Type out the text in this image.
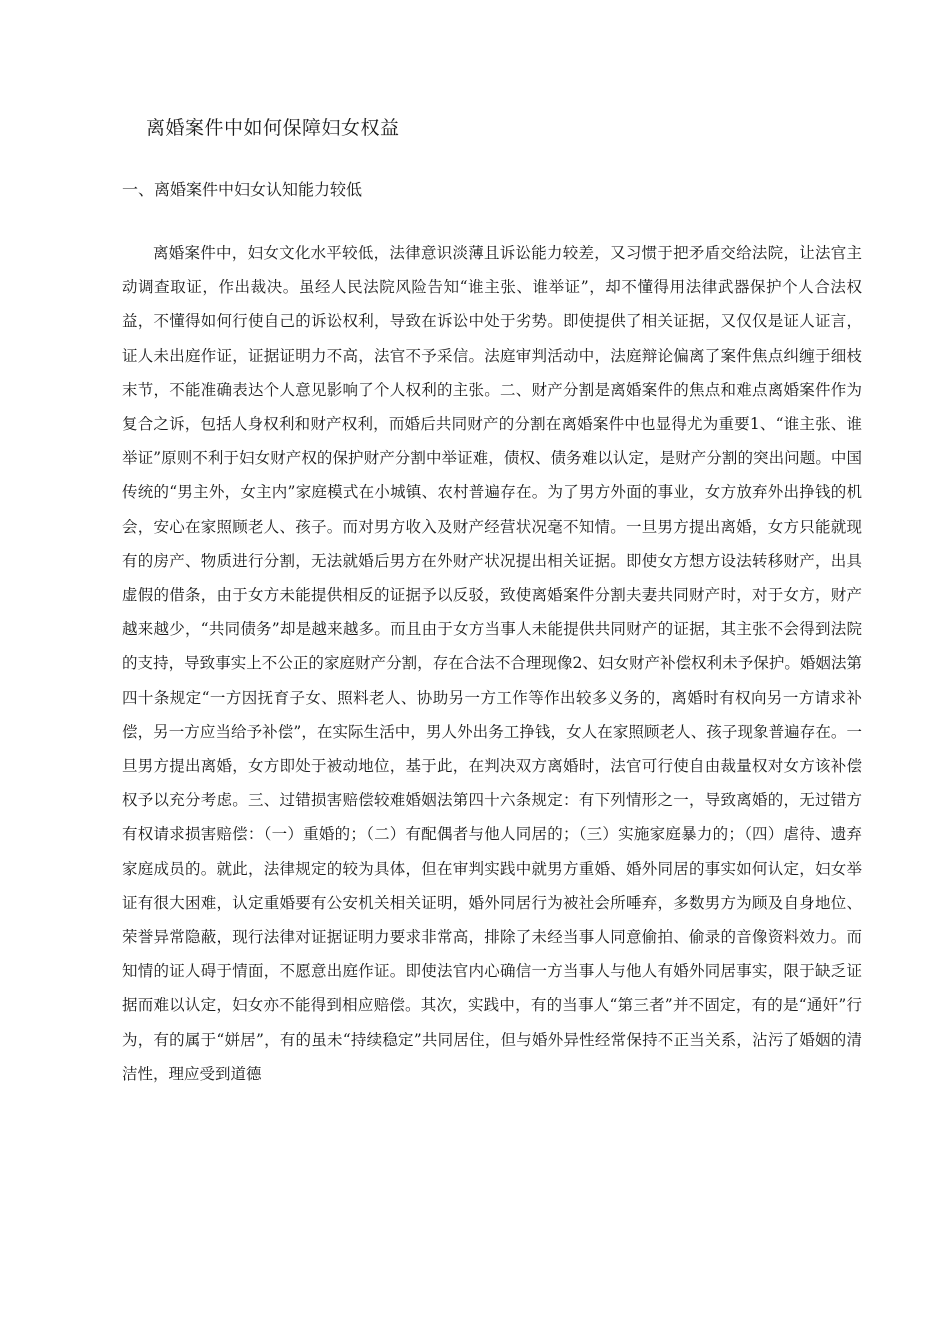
离婚案件中如何保障妇女权益
一、离婚案件中妇女认知能力较低

离婚案件中，妇女文化水平较低，法律意识淡薄且诉讼能力较差，又习惯于把矛盾交给法院，让法官主动调查取证，作出裁决。虽经人民法院风险告知“谁主张、谁举证”，却不懂得用法律武器保护个人合法权益，不懂得如何行使自己的诉讼权利，导致在诉讼中处于劣势。即使提供了相关证据，又仅仅是证人证言，证人未出庭作证，证据证明力不高，法官不予采信。法庭审判活动中，法庭辩论偏离了案件焦点纠缠于细枝末节，不能准确表达个人意见影响了个人权利的主张。二、财产分割是离婚案件的焦点和难点离婚案件作为复合之诉，包括人身权利和财产权利，而婚后共同财产的分割在离婚案件中也显得尤为重要1、“谁主张、谁举证”原则不利于妇女财产权的保护财产分割中举证难，债权、债务难以认定，是财产分割的突出问题。中国传统的“男主外，女主内”家庭模式在小城镇、农村普遍存在。为了男方外面的事业，女方放弃外出挣钱的机会，安心在家照顾老人、孩子。而对男方收入及财产经营状况毫不知情。一旦男方提出离婚，女方只能就现有的房产、物质进行分割，无法就婚后男方在外财产状况提出相关证据。即使女方想方设法转移财产，出具虚假的借条，由于女方未能提供相反的证据予以反驳，致使离婚案件分割夫妻共同财产时，对于女方，财产越来越少，“共同债务”却是越来越多。而且由于女方当事人未能提供共同财产的证据，其主张不会得到法院的支持，导致事实上不公正的家庭财产分割，存在合法不合理现像2、妇女财产补偿权利未予保护。婚姻法第四十条规定“一方因抚育子女、照料老人、协助另一方工作等作出较多义务的，离婚时有权向另一方请求补偿，另一方应当给予补偿”，在实际生活中，男人外出务工挣钱，女人在家照顾老人、孩子现象普遍存在。一旦男方提出离婚，女方即处于被动地位，基于此，在判决双方离婚时，法官可行使自由裁量权对女方该补偿权予以充分考虑。三、过错损害赔偿较难婚姻法第四十六条规定：有下列情形之一，导致离婚的，无过错方有权请求损害赔偿：（一）重婚的；（二）有配偶者与他人同居的；（三）实施家庭暴力的；（四）虐待、遗弃家庭成员的。就此，法律规定的较为具体，但在审判实践中就男方重婚、婚外同居的事实如何认定，妇女举证有很大困难，认定重婚要有公安机关相关证明，婚外同居行为被社会所唾弃，多数男方为顾及自身地位、荣誉异常隐蔽，现行法律对证据证明力要求非常高，排除了未经当事人同意偷拍、偷录的音像资料效力。而知情的证人碍于情面，不愿意出庭作证。即使法官内心确信一方当事人与他人有婚外同居事实，限于缺乏证据而难以认定，妇女亦不能得到相应赔偿。其次，实践中，有的当事人“第三者”并不固定，有的是“通奸”行为，有的属于“姘居”，有的虽未“持续稳定”共同居住，但与婚外异性经常保持不正当关系，沾污了婚姻的清洁性，理应受到道德
